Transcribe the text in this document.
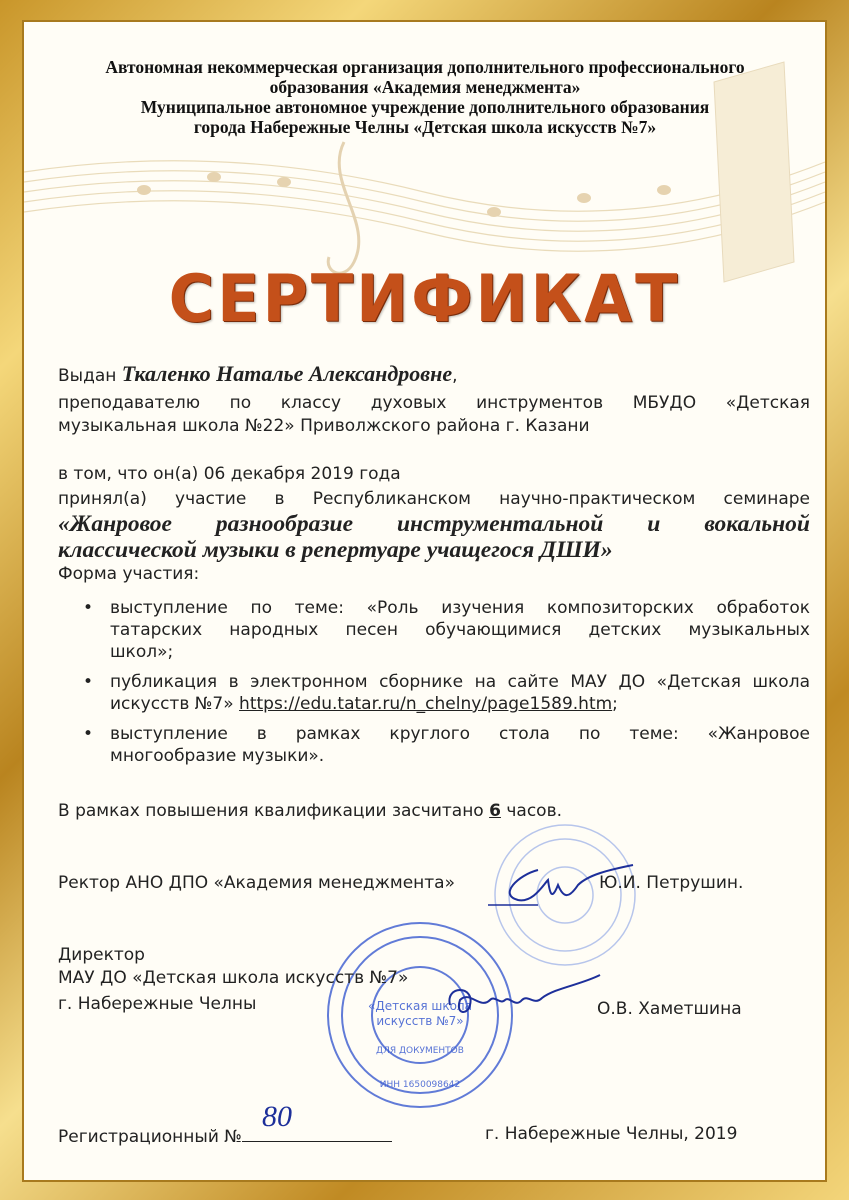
Автономная некоммерческая организация дополнительного профессионального
образования «Академия менеджмента»
Муниципальное автономное учреждение дополнительного образования
города Набережные Челны «Детская школа искусств №7»
СЕРТИФИКАТ
Выдан Ткаленко Наталье Александровне,
преподавателю по классу духовых инструментов МБУДО «Детская
музыкальная школа №22» Приволжского района г. Казани
в том, что он(а) 06 декабря 2019 года
принял(а) участие в Республиканском научно-практическом семинаре
«Жанровое разнообразие инструментальной и вокальной
классической музыки в репертуаре учащегося ДШИ»
Форма участия:
• выступление по теме: «Роль изучения композиторских обработок
татарских народных песен обучающимися детских музыкальных
школ»;
• публикация в электронном сборнике на сайте МАУ ДО «Детская школа
искусств №7» https://edu.tatar.ru/n_chelny/page1589.htm;
• выступление в рамках круглого стола по теме: «Жанровое
многообразие музыки».
В рамках повышения квалификации засчитано 6 часов.
«Детская школа
искусств №7»
ДЛЯ ДОКУМЕНТОВ
ИНН 1650098642
Ректор АНО ДПО «Академия менеджмента»	Ю.И. Петрушин.
Директор
МАУ ДО «Детская школа искусств №7»
г. Набережные Челны	О.В. Хаметшина
Регистрационный №
80
г. Набережные Челны, 2019
